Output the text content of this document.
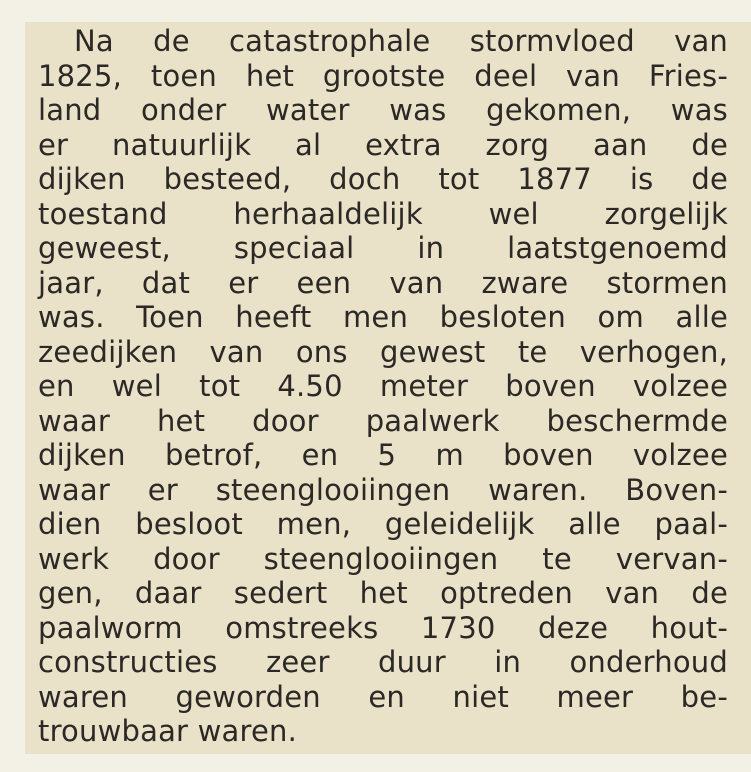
Na de catastrophale stormvloed van
1825, toen het grootste deel van Fries-
land onder water was gekomen, was
er natuurlijk al extra zorg aan de
dijken besteed, doch tot 1877 is de
toestand herhaaldelijk wel zorgelijk
geweest, speciaal in laatstgenoemd
jaar, dat er een van zware stormen
was. Toen heeft men besloten om alle
zeedijken van ons gewest te verhogen,
en wel tot 4.50 meter boven volzee
waar het door paalwerk beschermde
dijken betrof, en 5 m boven volzee
waar er steenglooiingen waren. Boven-
dien besloot men, geleidelijk alle paal-
werk door steenglooiingen te vervan-
gen, daar sedert het optreden van de
paalworm omstreeks 1730 deze hout-
constructies zeer duur in onderhoud
waren geworden en niet meer be-
trouwbaar waren.
